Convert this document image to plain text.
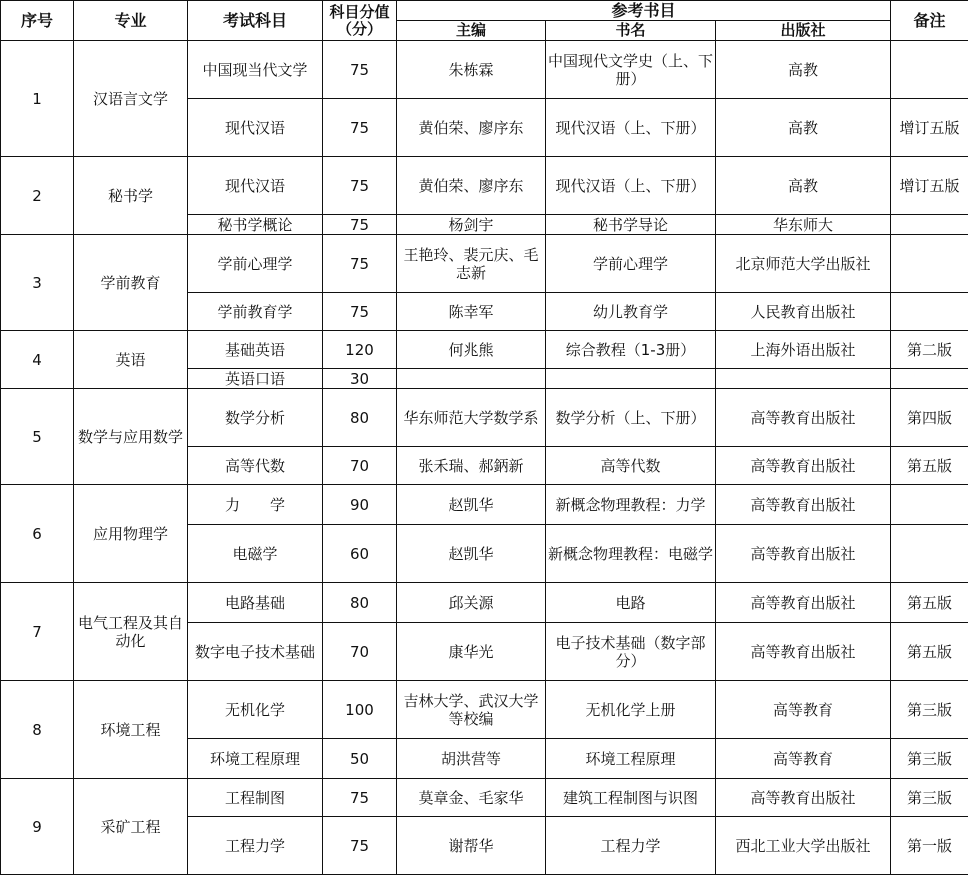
序号	专业	考试科目	科目分值（分）	参考书目			备注
				主编	书名	出版社	
1	汉语言文学	中国现当代文学	75	朱栋霖	中国现代文学史（上、下册）	高教	
		现代汉语	75	黄伯荣、廖序东	现代汉语（上、下册）	高教	增订五版
2	秘书学	现代汉语	75	黄伯荣、廖序东	现代汉语（上、下册）	高教	增订五版
		秘书学概论	75	杨剑宇	秘书学导论	华东师大	
3	学前教育	学前心理学	75	王艳玲、裴元庆、毛志新	学前心理学	北京师范大学出版社	
		学前教育学	75	陈幸军	幼儿教育学	人民教育出版社	
4	英语	基础英语	120	何兆熊	综合教程（1-3册）	上海外语出版社	第二版
		英语口语	30				
5	数学与应用数学	数学分析	80	华东师范大学数学系	数学分析（上、下册）	高等教育出版社	第四版
		高等代数	70	张禾瑞、郝鈵新	高等代数	高等教育出版社	第五版
6	应用物理学	力　　学	90	赵凯华	新概念物理教程：力学	高等教育出版社	
		电磁学	60	赵凯华	新概念物理教程：电磁学	高等教育出版社	
7	电气工程及其自动化	电路基础	80	邱关源	电路	高等教育出版社	第五版
		数字电子技术基础	70	康华光	电子技术基础（数字部分）	高等教育出版社	第五版
8	环境工程	无机化学	100	吉林大学、武汉大学等校编	无机化学上册	高等教育	第三版
		环境工程原理	50	胡洪营等	环境工程原理	高等教育	第三版
9	采矿工程	工程制图	75	莫章金、毛家华	建筑工程制图与识图	高等教育出版社	第三版
		工程力学	75	谢帮华	工程力学	西北工业大学出版社	第一版
